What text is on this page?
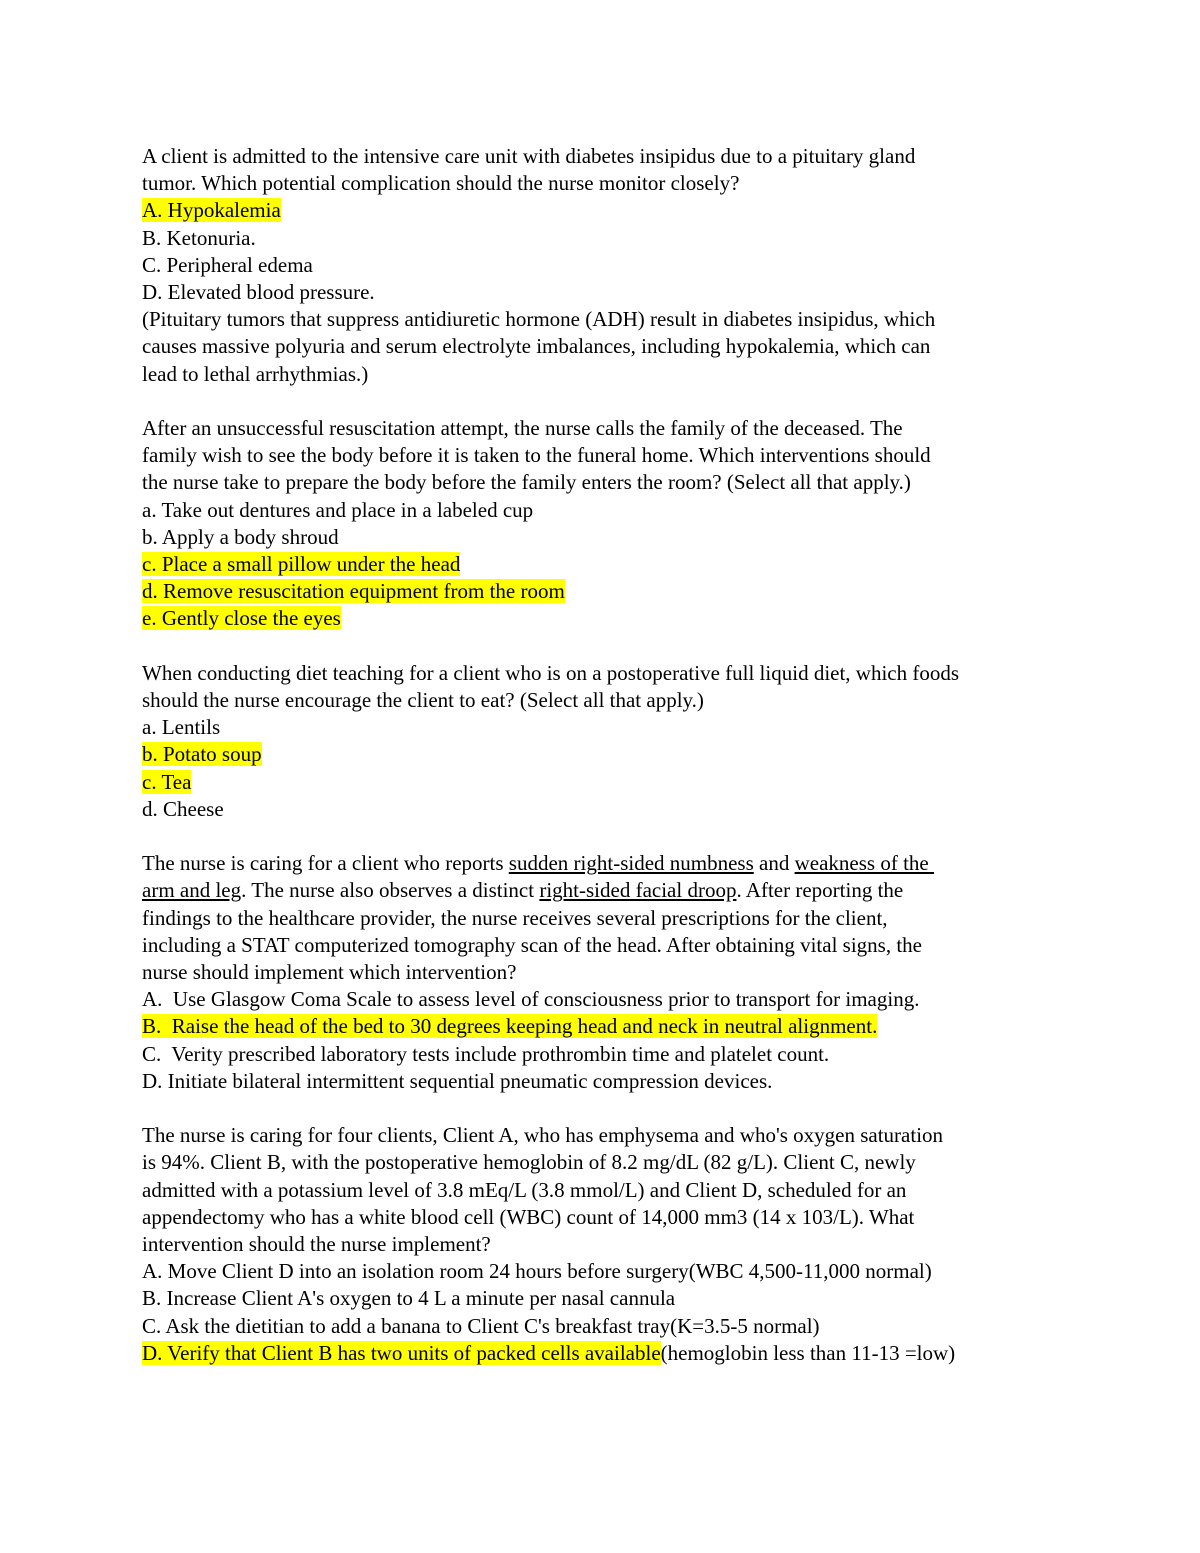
A client is admitted to the intensive care unit with diabetes insipidus due to a pituitary gland
tumor. Which potential complication should the nurse monitor closely?
A. Hypokalemia
B. Ketonuria.
C. Peripheral edema
D. Elevated blood pressure.
(Pituitary tumors that suppress antidiuretic hormone (ADH) result in diabetes insipidus, which
causes massive polyuria and serum electrolyte imbalances, including hypokalemia, which can
lead to lethal arrhythmias.)
After an unsuccessful resuscitation attempt, the nurse calls the family of the deceased. The
family wish to see the body before it is taken to the funeral home. Which interventions should
the nurse take to prepare the body before the family enters the room? (Select all that apply.)
a. Take out dentures and place in a labeled cup
b. Apply a body shroud
c. Place a small pillow under the head
d. Remove resuscitation equipment from the room
e. Gently close the eyes
When conducting diet teaching for a client who is on a postoperative full liquid diet, which foods
should the nurse encourage the client to eat? (Select all that apply.)
a. Lentils
b. Potato soup
c. Tea
d. Cheese
The nurse is caring for a client who reports sudden right-sided numbness and weakness of the
arm and leg. The nurse also observes a distinct right-sided facial droop. After reporting the
findings to the healthcare provider, the nurse receives several prescriptions for the client,
including a STAT computerized tomography scan of the head. After obtaining vital signs, the
nurse should implement which intervention?
A.  Use Glasgow Coma Scale to assess level of consciousness prior to transport for imaging.
B.  Raise the head of the bed to 30 degrees keeping head and neck in neutral alignment.
C.  Verity prescribed laboratory tests include prothrombin time and platelet count.
D. Initiate bilateral intermittent sequential pneumatic compression devices.
The nurse is caring for four clients, Client A, who has emphysema and who's oxygen saturation
is 94%. Client B, with the postoperative hemoglobin of 8.2 mg/dL (82 g/L). Client C, newly
admitted with a potassium level of 3.8 mEq/L (3.8 mmol/L) and Client D, scheduled for an
appendectomy who has a white blood cell (WBC) count of 14,000 mm3 (14 x 103/L). What
intervention should the nurse implement?
A. Move Client D into an isolation room 24 hours before surgery(WBC 4,500-11,000 normal)
B. Increase Client A's oxygen to 4 L a minute per nasal cannula
C. Ask the dietitian to add a banana to Client C's breakfast tray(K=3.5-5 normal)
D. Verify that Client B has two units of packed cells available(hemoglobin less than 11-13 =low)
